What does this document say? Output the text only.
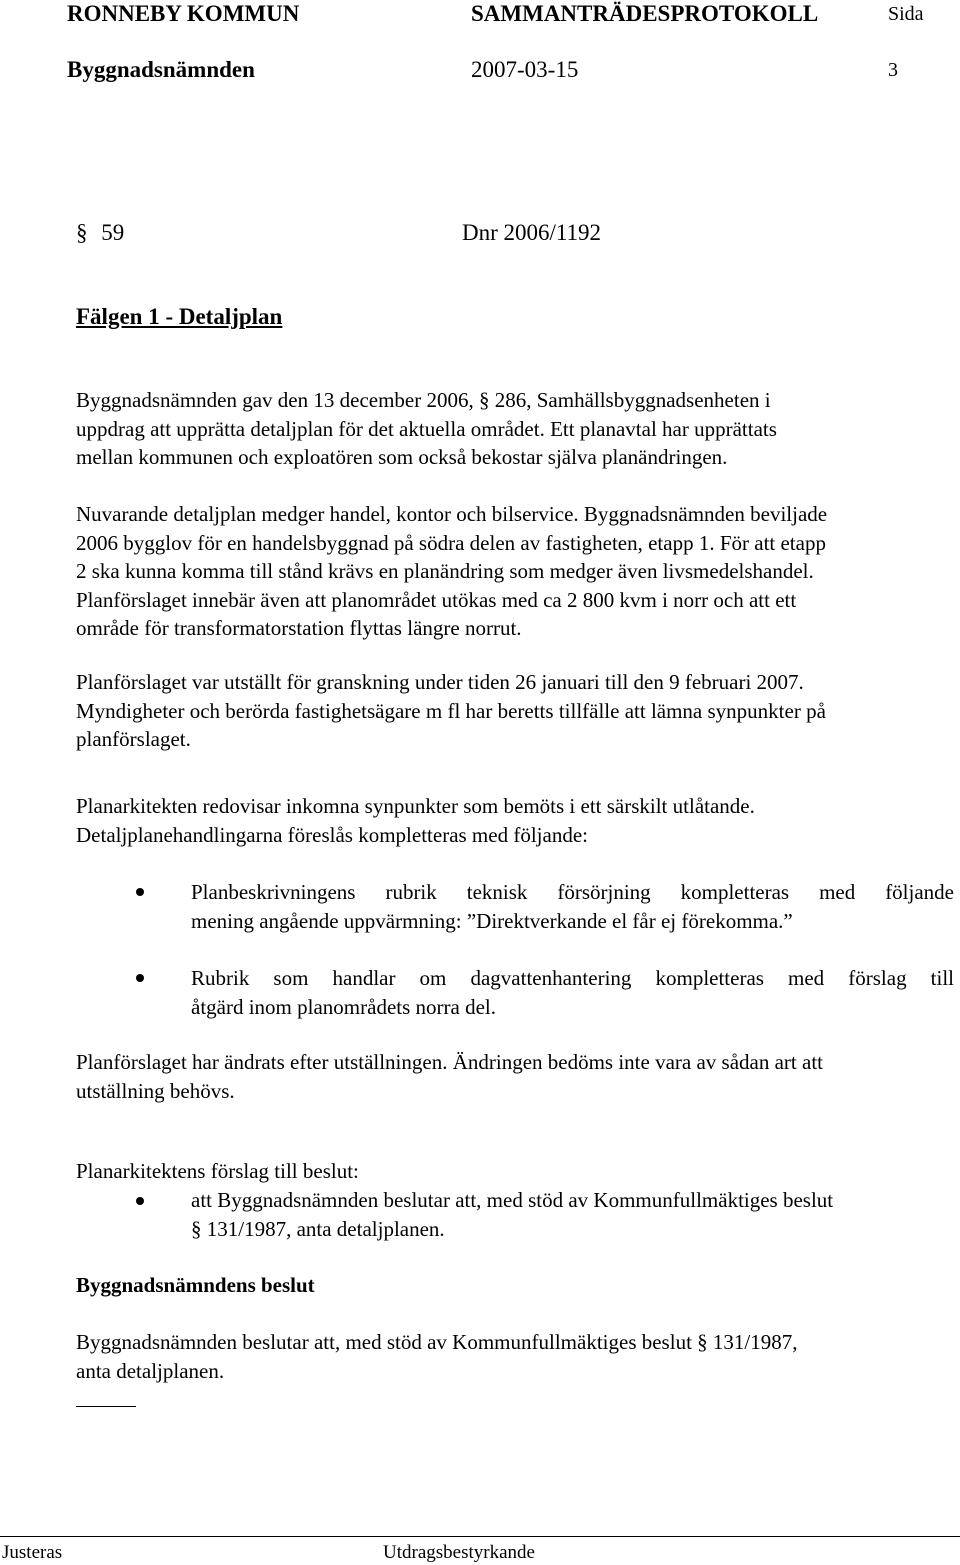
RONNEBY KOMMUN	SAMMANTRÄDESPROTOKOLL	Sida
Byggnadsnämnden	2007-03-15	3
§ 59	Dnr 2006/1192
Fälgen 1 - Detaljplan
Byggnadsnämnden gav den 13 december 2006, § 286, Samhällsbyggnadsenheten i
uppdrag att upprätta detaljplan för det aktuella området. Ett planavtal har upprättats
mellan kommunen och exploatören som också bekostar själva planändringen.
Nuvarande detaljplan medger handel, kontor och bilservice. Byggnadsnämnden beviljade
2006 bygglov för en handelsbyggnad på södra delen av fastigheten, etapp 1. För att etapp
2 ska kunna komma till stånd krävs en planändring som medger även livsmedelshandel.
Planförslaget innebär även att planområdet utökas med ca 2 800 kvm i norr och att ett
område för transformatorstation flyttas längre norrut.
Planförslaget var utställt för granskning under tiden 26 januari till den 9 februari 2007.
Myndigheter och berörda fastighetsägare m fl har beretts tillfälle att lämna synpunkter på
planförslaget.
Planarkitekten redovisar inkomna synpunkter som bemöts i ett särskilt utlåtande.
Detaljplanehandlingarna föreslås kompletteras med följande:
Planbeskrivningens rubrik teknisk försörjning kompletteras med följande
mening angående uppvärmning: ”Direktverkande el får ej förekomma.”
Rubrik som handlar om dagvattenhantering kompletteras med förslag till
åtgärd inom planområdets norra del.
Planförslaget har ändrats efter utställningen. Ändringen bedöms inte vara av sådan art att
utställning behövs.
Planarkitektens förslag till beslut:
att Byggnadsnämnden beslutar att, med stöd av Kommunfullmäktiges beslut
§ 131/1987, anta detaljplanen.
Byggnadsnämndens beslut
Byggnadsnämnden beslutar att, med stöd av Kommunfullmäktiges beslut § 131/1987,
anta detaljplanen.
Justeras	Utdragsbestyrkande
